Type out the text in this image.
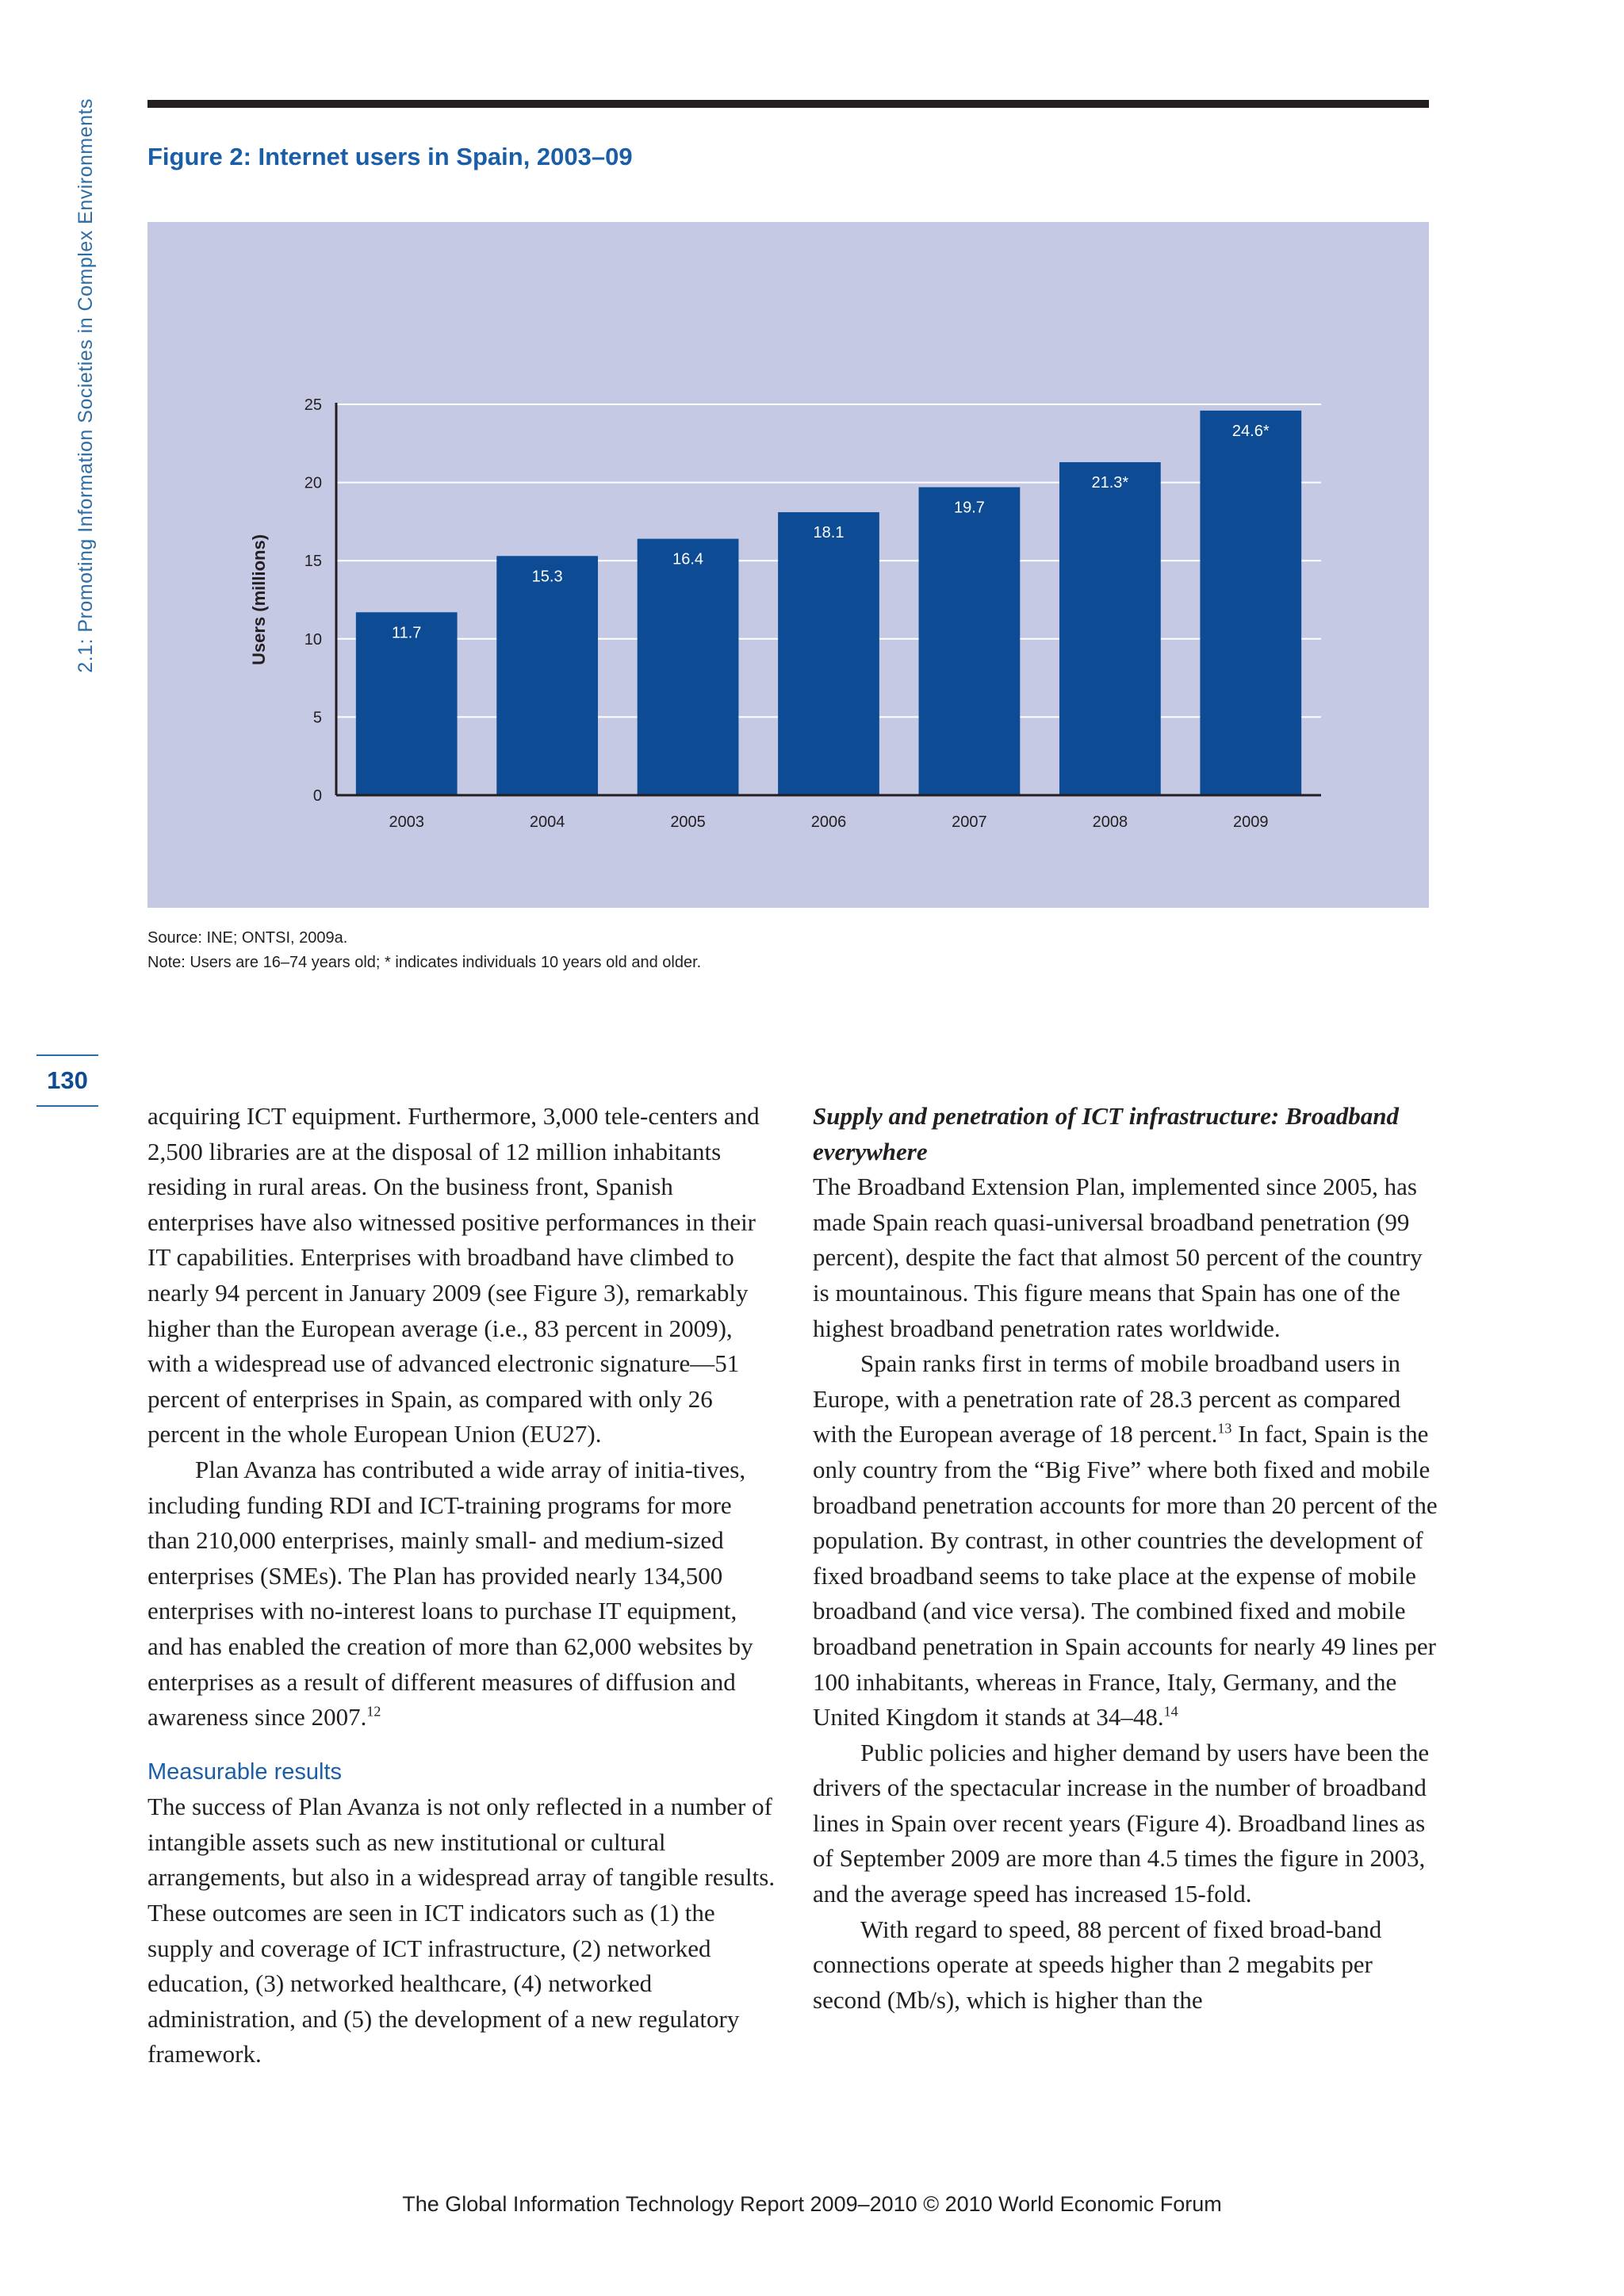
2.1: Promoting Information Societies in Complex Environments
130
Figure 2: Internet users in Spain, 2003–09
0
5
10
15
20
25
11.7
2003
15.3
2004
16.4
2005
18.1
2006
19.7
2007
21.3*
2008
24.6*
2009
Users (millions)
Source: INE; ONTSI, 2009a.
Note: Users are 16–74 years old; * indicates individuals 10 years old and older.

acquiring ICT equipment. Furthermore, 3,000 tele-centers and 2,500 libraries are at the disposal of 12 million inhabitants residing in rural areas. On the business front, Spanish enterprises have also witnessed positive performances in their IT capabilities. Enterprises with broadband have climbed to nearly 94 percent in January 2009 (see Figure 3), remarkably higher than the European average (i.e., 83 percent in 2009), with a widespread use of advanced electronic signature—51 percent of enterprises in Spain, as compared with only 26 percent in the whole European Union (EU27).

Plan Avanza has contributed a wide array of initia-tives, including funding RDI and ICT-training programs for more than 210,000 enterprises, mainly small- and medium-sized enterprises (SMEs). The Plan has provided nearly 134,500 enterprises with no-interest loans to purchase IT equipment, and has enabled the creation of more than 62,000 websites by enterprises as a result of different measures of diffusion and awareness since 2007.12

Measurable results

The success of Plan Avanza is not only reflected in a number of intangible assets such as new institutional or cultural arrangements, but also in a widespread array of tangible results. These outcomes are seen in ICT indicators such as (1) the supply and coverage of ICT infrastructure, (2) networked education, (3) networked healthcare, (4) networked administration, and (5) the development of a new regulatory framework.

Supply and penetration of ICT infrastructure: Broadband everywhere

The Broadband Extension Plan, implemented since 2005, has made Spain reach quasi-universal broadband penetration (99 percent), despite the fact that almost 50 percent of the country is mountainous. This figure means that Spain has one of the highest broadband penetration rates worldwide.

Spain ranks first in terms of mobile broadband users in Europe, with a penetration rate of 28.3 percent as compared with the European average of 18 percent.$^{13}$ In fact, Spain is the only country from the “Big Five” where both fixed and mobile broadband penetration accounts for more than 20 percent of the population. By contrast, in other countries the development of fixed broadband seems to take place at the expense of mobile broadband (and vice versa). The combined fixed and mobile broadband penetration in Spain accounts for nearly 49 lines per 100 inhabitants, whereas in France, Italy, Germany, and the United Kingdom it stands at 34–48.14

Public policies and higher demand by users have been the drivers of the spectacular increase in the number of broadband lines in Spain over recent years (Figure 4). Broadband lines as of September 2009 are more than 4.5 times the figure in 2003, and the average speed has increased 15-fold.

With regard to speed, 88 percent of fixed broad-band connections operate at speeds higher than 2 megabits per second (Mb/s), which is higher than the

The Global Information Technology Report 2009–2010 © 2010 World Economic Forum
